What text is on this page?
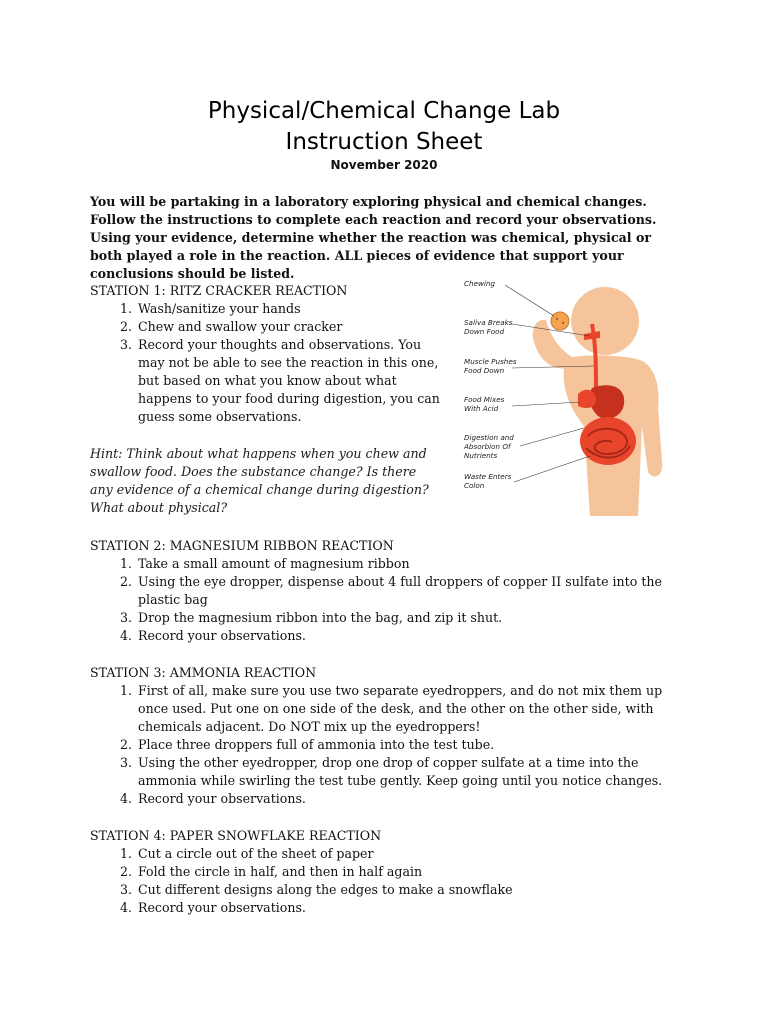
Physical/Chemical Change Lab
Instruction Sheet
November 2020

You will be partaking in a laboratory exploring physical and chemical changes. Follow the instructions to complete each reaction and record your observations. Using your evidence, determine whether the reaction was chemical, physical or both played a role in the reaction. ALL pieces of evidence that support your conclusions should be listed.

STATION 1: RITZ CRACKER REACTION

1. Wash/sanitize your hands
2. Chew and swallow your cracker
3. Record your thoughts and observations. You may not be able to see the reaction in this one, but based on what you know about what happens to your food during digestion, you can guess some observations.

Hint: Think about what happens when you chew and swallow food. Does the substance change? Is there any evidence of a chemical change during digestion? What about physical?

Chewing
Saliva Breaks
Down Food
Muscle Pushes
Food Down
Food Mixes
With Acid
Digestion and
Absorbion Of
Nutrients
Waste Enters
Colon

STATION 2: MAGNESIUM RIBBON REACTION

1. Take a small amount of magnesium ribbon
2. Using the eye dropper, dispense about 4 full droppers of copper II sulfate into the plastic bag
3. Drop the magnesium ribbon into the bag, and zip it shut.
4. Record your observations.

STATION 3: AMMONIA REACTION

1. First of all, make sure you use two separate eyedroppers, and do not mix them up once used. Put one on one side of the desk, and the other on the other side, with chemicals adjacent. Do NOT mix up the eyedroppers!
2. Place three droppers full of ammonia into the test tube.
3. Using the other eyedropper, drop one drop of copper sulfate at a time into the ammonia while swirling the test tube gently. Keep going until you notice changes.
4. Record your observations.

STATION 4: PAPER SNOWFLAKE REACTION

1. Cut a circle out of the sheet of paper
2. Fold the circle in half, and then in half again
3. Cut different designs along the edges to make a snowflake
4. Record your observations.
